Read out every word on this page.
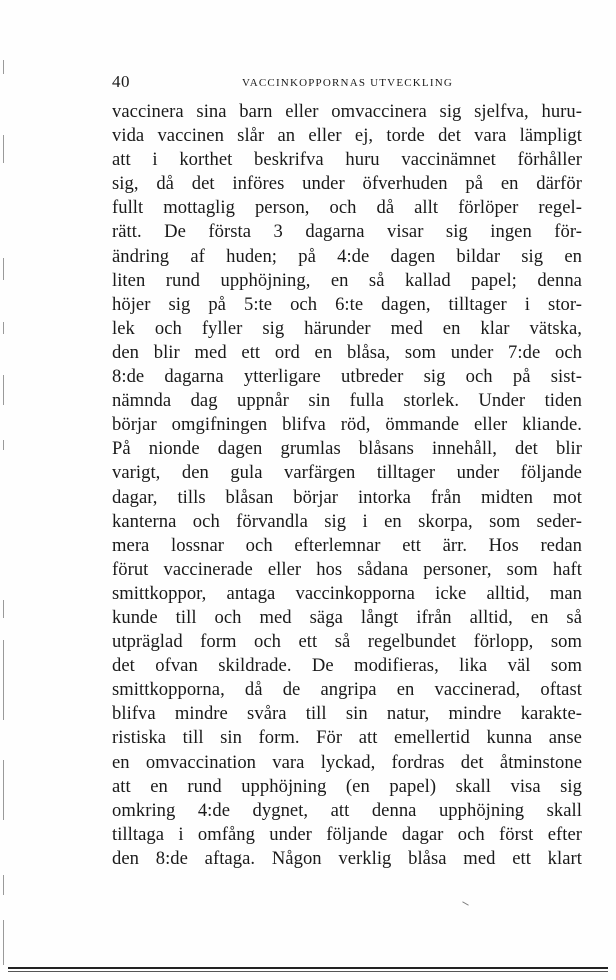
40	VACCINKOPPORNAS UTVECKLING
vaccinera sina barn eller omvaccinera sig sjelfva, huru-
vida vaccinen slår an eller ej, torde det vara lämpligt
att i korthet beskrifva huru vaccinämnet förhåller
sig, då det införes under öfverhuden på en därför
fullt mottaglig person, och då allt förlöper regel-
rätt. De första 3 dagarna visar sig ingen för-
ändring af huden; på 4:de dagen bildar sig en
liten rund upphöjning, en så kallad papel; denna
höjer sig på 5:te och 6:te dagen, tilltager i stor-
lek och fyller sig härunder med en klar vätska,
den blir med ett ord en blåsa, som under 7:de och
8:de dagarna ytterligare utbreder sig och på sist-
nämnda dag uppnår sin fulla storlek. Under tiden
börjar omgifningen blifva röd, ömmande eller kliande.
På nionde dagen grumlas blåsans innehåll, det blir
varigt, den gula varfärgen tilltager under följande
dagar, tills blåsan börjar intorka från midten mot
kanterna och förvandla sig i en skorpa, som seder-
mera lossnar och efterlemnar ett ärr. Hos redan
förut vaccinerade eller hos sådana personer, som haft
smittkoppor, antaga vaccinkopporna icke alltid, man
kunde till och med säga långt ifrån alltid, en så
utpräglad form och ett så regelbundet förlopp, som
det ofvan skildrade. De modifieras, lika väl som
smittkopporna, då de angripa en vaccinerad, oftast
blifva mindre svåra till sin natur, mindre karakte-
ristiska till sin form. För att emellertid kunna anse
en omvaccination vara lyckad, fordras det åtminstone
att en rund upphöjning (en papel) skall visa sig
omkring 4:de dygnet, att denna upphöjning skall
tilltaga i omfång under följande dagar och först efter
den 8:de aftaga. Någon verklig blåsa med ett klart
